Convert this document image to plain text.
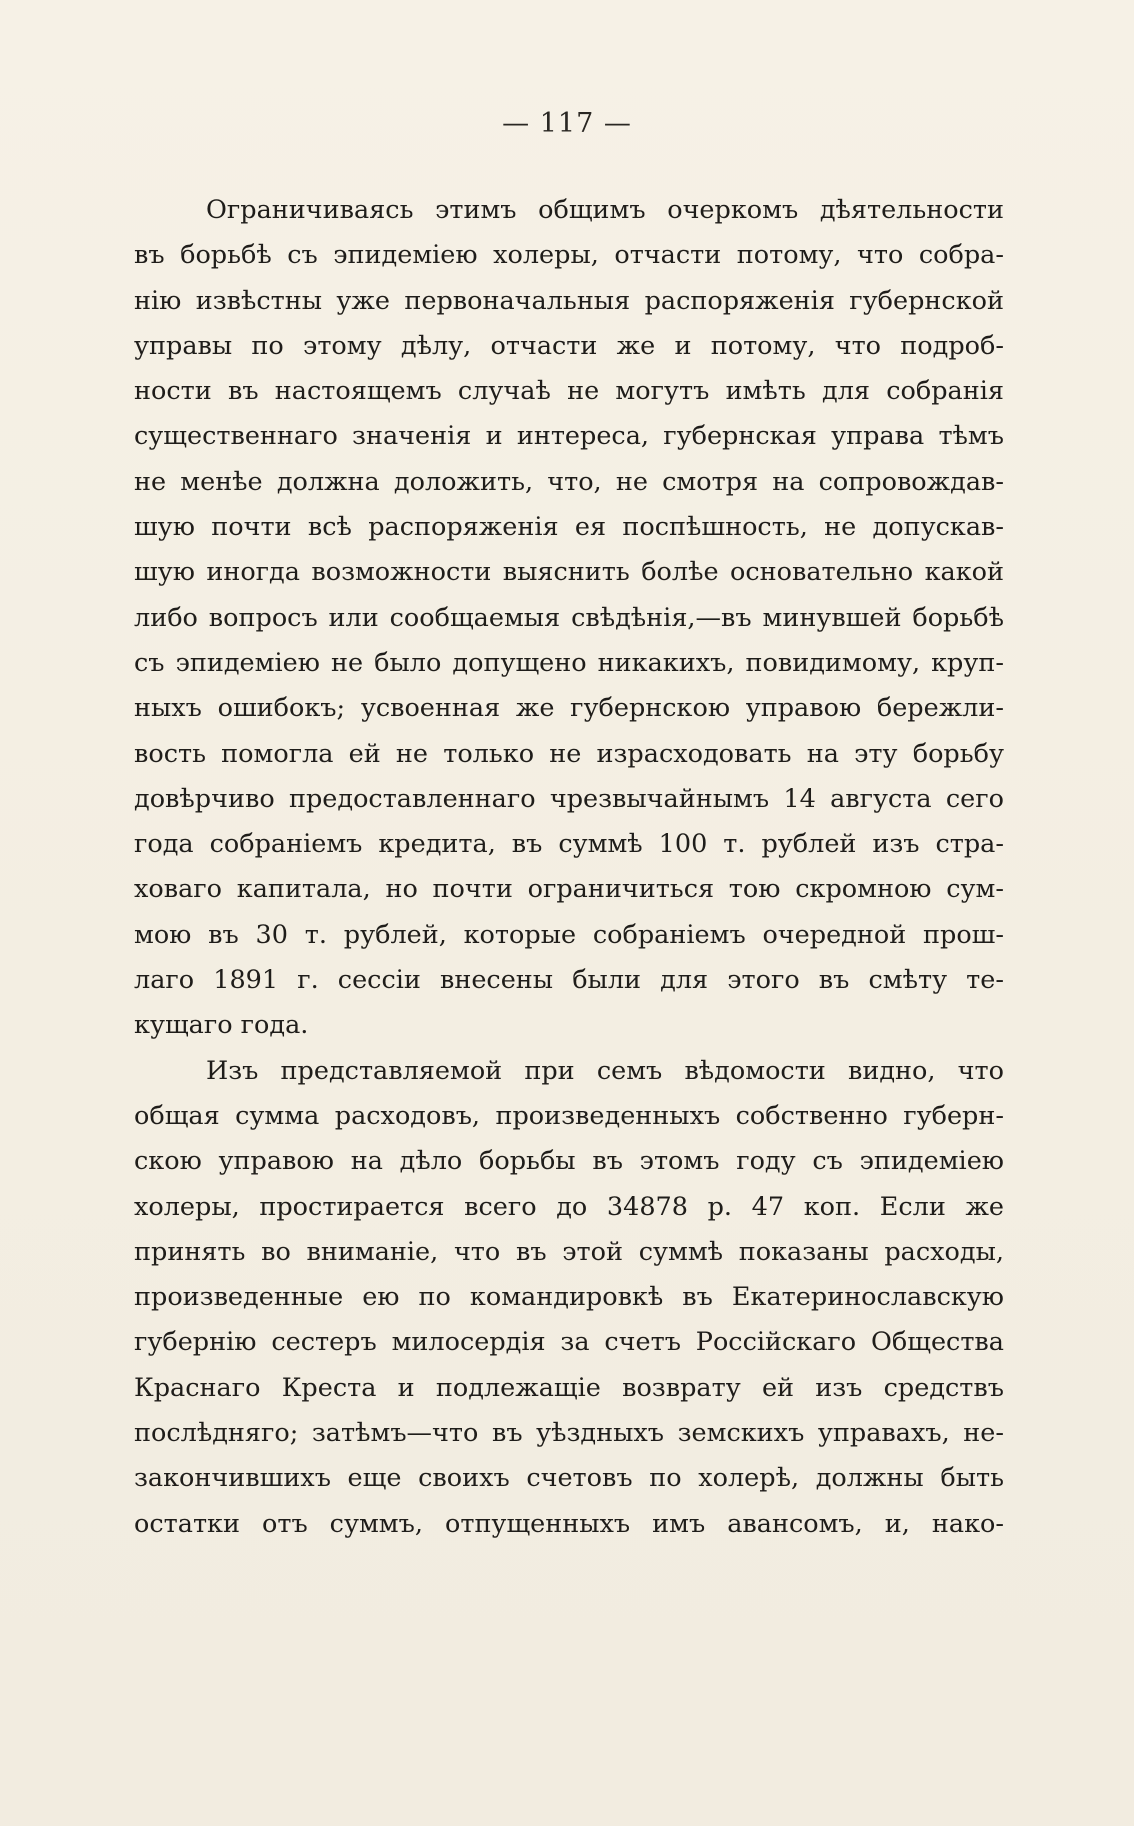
— 117 —
Ограничиваясь этимъ общимъ очеркомъ дѣятельности
въ борьбѣ съ эпидеміею холеры, отчасти потому, что собра-
нію извѣстны уже первоначальныя распоряженія губернской
управы по этому дѣлу, отчасти же и потому, что подроб-
ности въ настоящемъ случаѣ не могутъ имѣть для собранія
существеннаго значенія и интереса, губернская управа тѣмъ
не менѣе должна доложить, что, не смотря на сопровождав-
шую почти всѣ распоряженія ея поспѣшность, не допускав-
шую иногда возможности выяснить болѣе основательно какой
либо вопросъ или сообщаемыя свѣдѣнія,—въ минувшей борьбѣ
съ эпидеміею не было допущено никакихъ, повидимому, круп-
ныхъ ошибокъ; усвоенная же губернскою управою бережли-
вость помогла ей не только не израсходовать на эту борьбу
довѣрчиво предоставленнаго чрезвычайнымъ 14 августа сего
года собраніемъ кредита, въ суммѣ 100 т. рублей изъ стра-
ховаго капитала, но почти ограничиться тою скромною сум-
мою въ 30 т. рублей, которые собраніемъ очередной прош-
лаго 1891 г. сессіи внесены были для этого въ смѣту те-
кущаго года.
Изъ представляемой при семъ вѣдомости видно, что
общая сумма расходовъ, произведенныхъ собственно губерн-
скою управою на дѣло борьбы въ этомъ году съ эпидеміею
холеры, простирается всего до 34878 р. 47 коп. Если же
принять во вниманіе, что въ этой суммѣ показаны расходы,
произведенные ею по командировкѣ въ Екатеринославскую
губернію сестеръ милосердія за счетъ Россійскаго Общества
Краснаго Креста и подлежащіе возврату ей изъ средствъ
послѣдняго; затѣмъ—что въ уѣздныхъ земскихъ управахъ, не-
закончившихъ еще своихъ счетовъ по холерѣ, должны быть
остатки отъ суммъ, отпущенныхъ имъ авансомъ, и, нако-
